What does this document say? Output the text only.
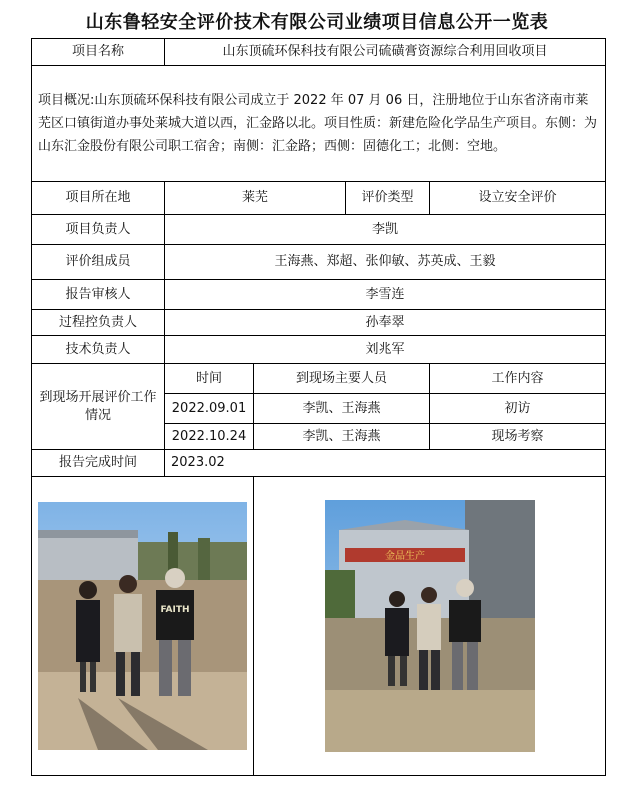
山东鲁轻安全评价技术有限公司业绩项目信息公开一览表
项目名称	山东顶硫环保科技有限公司硫磺膏资源综合利用回收项目			
项目概况:山东顶硫环保科技有限公司成立于 2022 年 07 月 06 日，注册地位于山东省济南市莱芜区口镇街道办事处莱城大道以西，汇金路以北。项目性质：新建危险化学品生产项目。东侧：为山东汇金股份有限公司职工宿舍；南侧：汇金路；西侧：固德化工；北侧：空地。				
项目所在地	莱芜		评价类型	设立安全评价
项目负责人	李凯			
评价组成员	王海燕、郑超、张仰敏、苏英成、王毅			
报告审核人	李雪连			
过程控负责人	孙奉翠			
技术负责人	刘兆军			
到现场开展评价工作情况	时间	到现场主要人员		工作内容
	2022.09.01	李凯、王海燕		初访
	2022.10.24	李凯、王海燕		现场考察
报告完成时间	2023.02			

FAITH		金品生产		
